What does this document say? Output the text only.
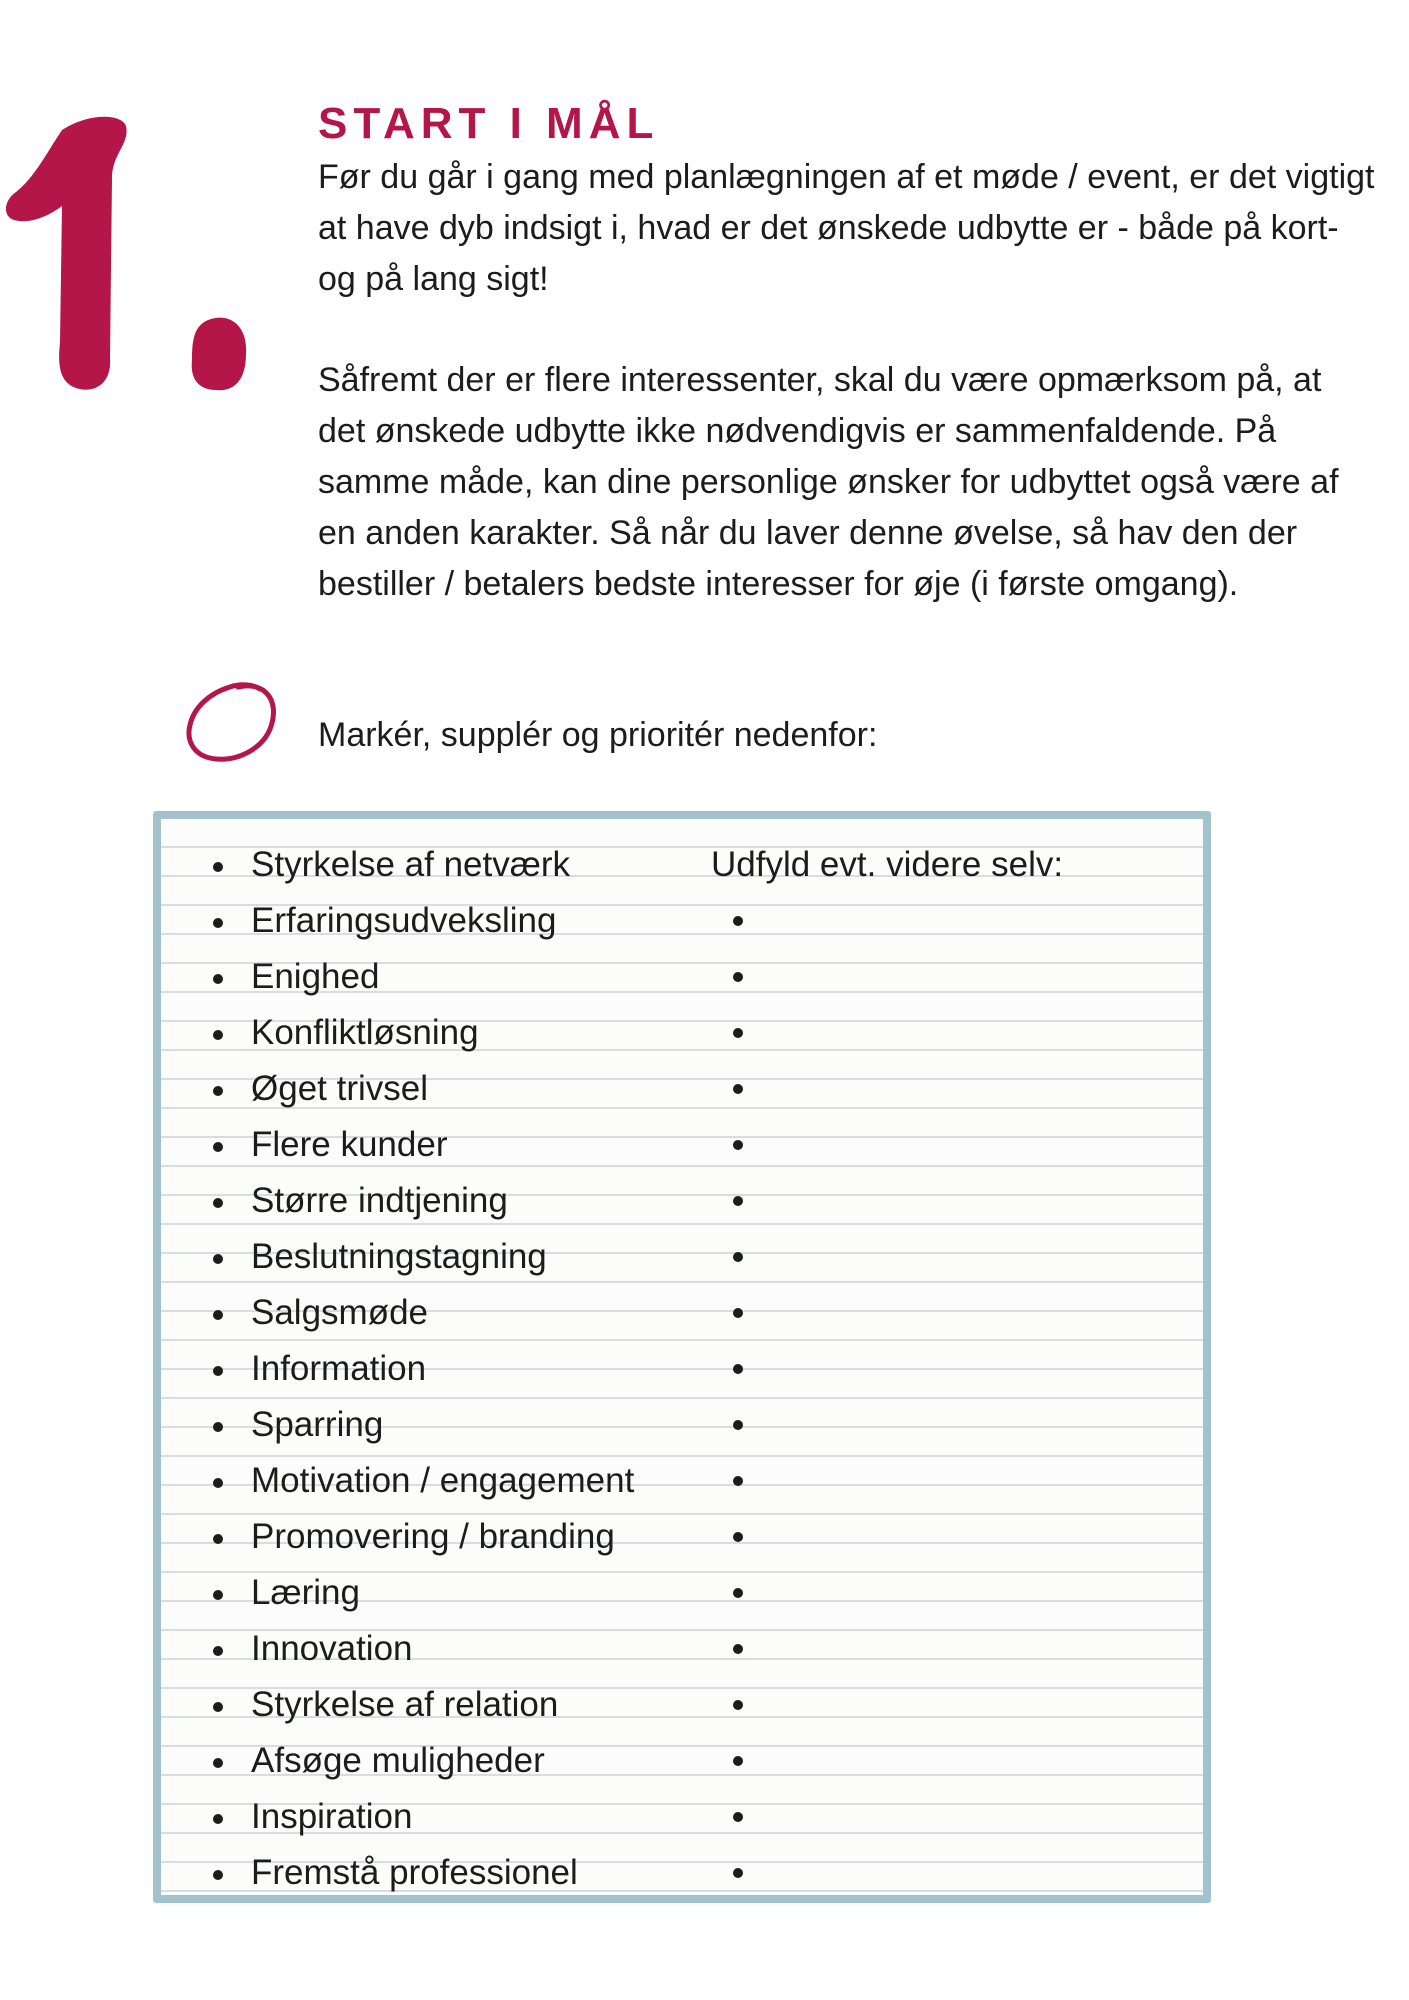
START I MÅL

Før du går i gang med planlægningen af et møde / event, er det vigtigt at have dyb indsigt i, hvad er det ønskede udbytte er - både på kort- og på lang sigt!

Såfremt der er flere interessenter, skal du være opmærksom på, at det ønskede udbytte ikke nødvendigvis er sammenfaldende. På samme måde, kan dine personlige ønsker for udbyttet også være af en anden karakter. Så når du laver denne øvelse, så hav den der bestiller / betalers bedste interesser for øje (i første omgang).

Markér, supplér og prioritér nedenfor:

Styrkelse af netværk
Erfaringsudveksling
Enighed
Konfliktløsning
Øget trivsel
Flere kunder
Større indtjening
Beslutningstagning
Salgsmøde
Information
Sparring
Motivation / engagement
Promovering / branding
Læring
Innovation
Styrkelse af relation
Afsøge muligheder
Inspiration
Fremstå professionel
Udfyld evt. videre selv:
